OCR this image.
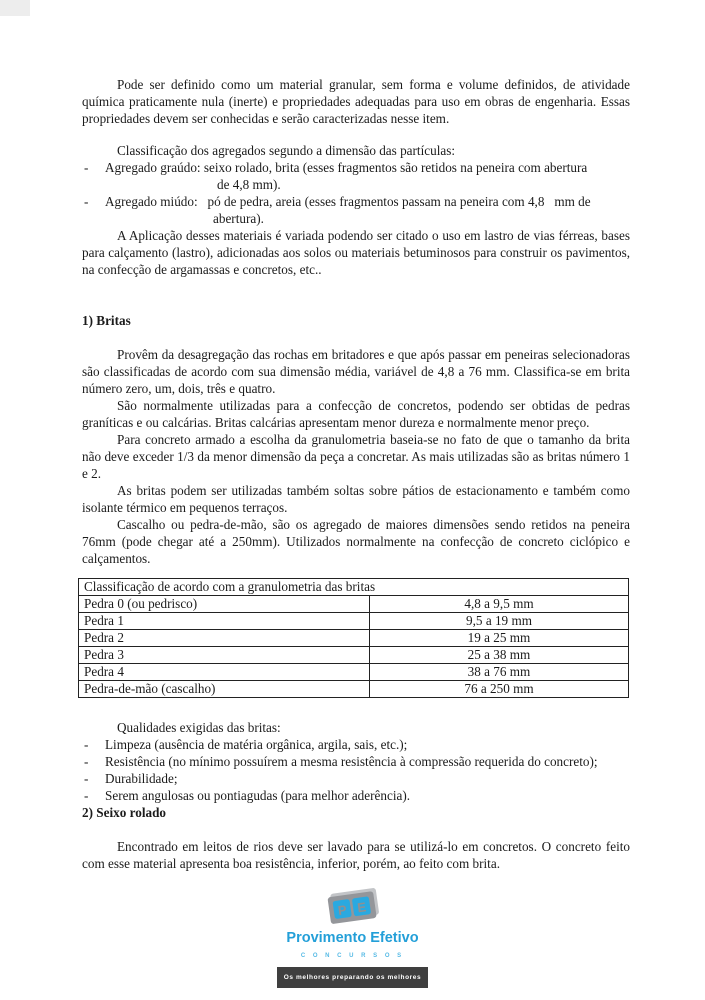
Pode ser definido como um material granular, sem forma e volume definidos, de atividade química praticamente nula (inerte) e propriedades adequadas para uso em obras de engenharia. Essas propriedades devem ser conhecidas e serão caracterizadas nesse item.

Classificação dos agregados segundo a dimensão das partículas:

-	Agregado graúdo: seixo rolado, brita (esses fragmentos são retidos na peneira com abertura
de 4,8 mm).
-	Agregado miúdo:   pó de pedra, areia (esses fragmentos passam na peneira com 4,8   mm de
abertura).

A Aplicação desses materiais é variada podendo ser citado o uso em lastro de vias férreas, bases para calçamento (lastro), adicionadas aos solos ou materiais betuminosos para construir os pavimentos, na confecção de argamassas e concretos, etc..

1) Britas

Provêm da desagregação das rochas em britadores e que após passar em peneiras selecionadoras são classificadas de acordo com sua dimensão média, variável de 4,8 a 76 mm. Classifica-se em brita número zero, um, dois, três e quatro.

São normalmente utilizadas para a confecção de concretos, podendo ser obtidas de pedras graníticas e ou calcárias. Britas calcárias apresentam menor dureza e normalmente menor preço.

Para concreto armado a escolha da granulometria baseia-se no fato de que o tamanho da brita não deve exceder 1/3 da menor dimensão da peça a concretar. As mais utilizadas são as britas número 1 e 2.

As britas podem ser utilizadas também soltas sobre pátios de estacionamento e também como isolante térmico em pequenos terraços.

Cascalho ou pedra-de-mão, são os agregado de maiores dimensões sendo retidos na peneira 76mm (pode chegar até a 250mm). Utilizados normalmente na confecção de concreto ciclópico e calçamentos.

Classificação de acordo com a granulometria das britas	
Pedra 0 (ou pedrisco)	4,8 a 9,5 mm
Pedra 1	9,5 a 19 mm
Pedra 2	19 a 25 mm
Pedra 3	25 a 38 mm
Pedra 4	38 a 76 mm
Pedra-de-mão (cascalho)	76 a 250 mm

Qualidades exigidas das britas:

-	Limpeza (ausência de matéria orgânica, argila, sais, etc.);
-	Resistência (no mínimo possuírem a mesma resistência à compressão requerida do concreto);
-	Durabilidade;
-	Serem angulosas ou pontiagudas (para melhor aderência).
2) Seixo rolado

Encontrado em leitos de rios deve ser lavado para se utilizá-lo em concretos. O concreto feito com esse material apresenta boa resistência, inferior, porém, ao feito com brita.

P E
Provimento Efetivo
C O N C U R S O S
Os melhores preparando os melhores
